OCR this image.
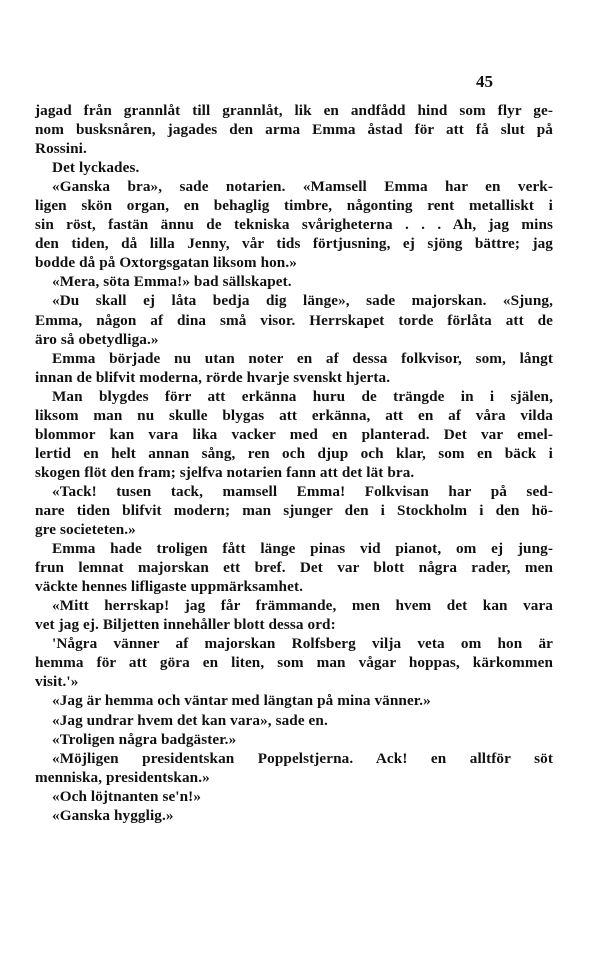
45
jagad från grannlåt till grannlåt, lik en andfådd hind som flyr ge-
nom busksnåren, jagades den arma Emma åstad för att få slut på
Rossini.
Det lyckades.
«Ganska bra», sade notarien. «Mamsell Emma har en verk-
ligen skön organ, en behaglig timbre, någonting rent metalliskt i
sin röst, fastän ännu de tekniska svårigheterna . . . Ah, jag mins
den tiden, då lilla Jenny, vår tids förtjusning, ej sjöng bättre; jag
bodde då på Oxtorgsgatan liksom hon.»
«Mera, söta Emma!» bad sällskapet.
«Du skall ej låta bedja dig länge», sade majorskan. «Sjung,
Emma, någon af dina små visor. Herrskapet torde förlåta att de
äro så obetydliga.»
Emma började nu utan noter en af dessa folkvisor, som, långt
innan de blifvit moderna, rörde hvarje svenskt hjerta.
Man blygdes förr att erkänna huru de trängde in i själen,
liksom man nu skulle blygas att erkänna, att en af våra vilda
blommor kan vara lika vacker med en planterad. Det var emel-
lertid en helt annan sång, ren och djup och klar, som en bäck i
skogen flöt den fram; sjelfva notarien fann att det lät bra.
«Tack! tusen tack, mamsell Emma! Folkvisan har på sed-
nare tiden blifvit modern; man sjunger den i Stockholm i den hö-
gre societeten.»
Emma hade troligen fått länge pinas vid pianot, om ej jung-
frun lemnat majorskan ett bref. Det var blott några rader, men
väckte hennes lifligaste uppmärksamhet.
«Mitt herrskap! jag får främmande, men hvem det kan vara
vet jag ej. Biljetten innehåller blott dessa ord:
'Några vänner af majorskan Rolfsberg vilja veta om hon är
hemma för att göra en liten, som man vågar hoppas, kärkommen
visit.'»
«Jag är hemma och väntar med längtan på mina vänner.»
«Jag undrar hvem det kan vara», sade en.
«Troligen några badgäster.»
«Möjligen presidentskan Poppelstjerna. Ack! en alltför söt
menniska, presidentskan.»
«Och löjtnanten se'n!»
«Ganska hygglig.»
